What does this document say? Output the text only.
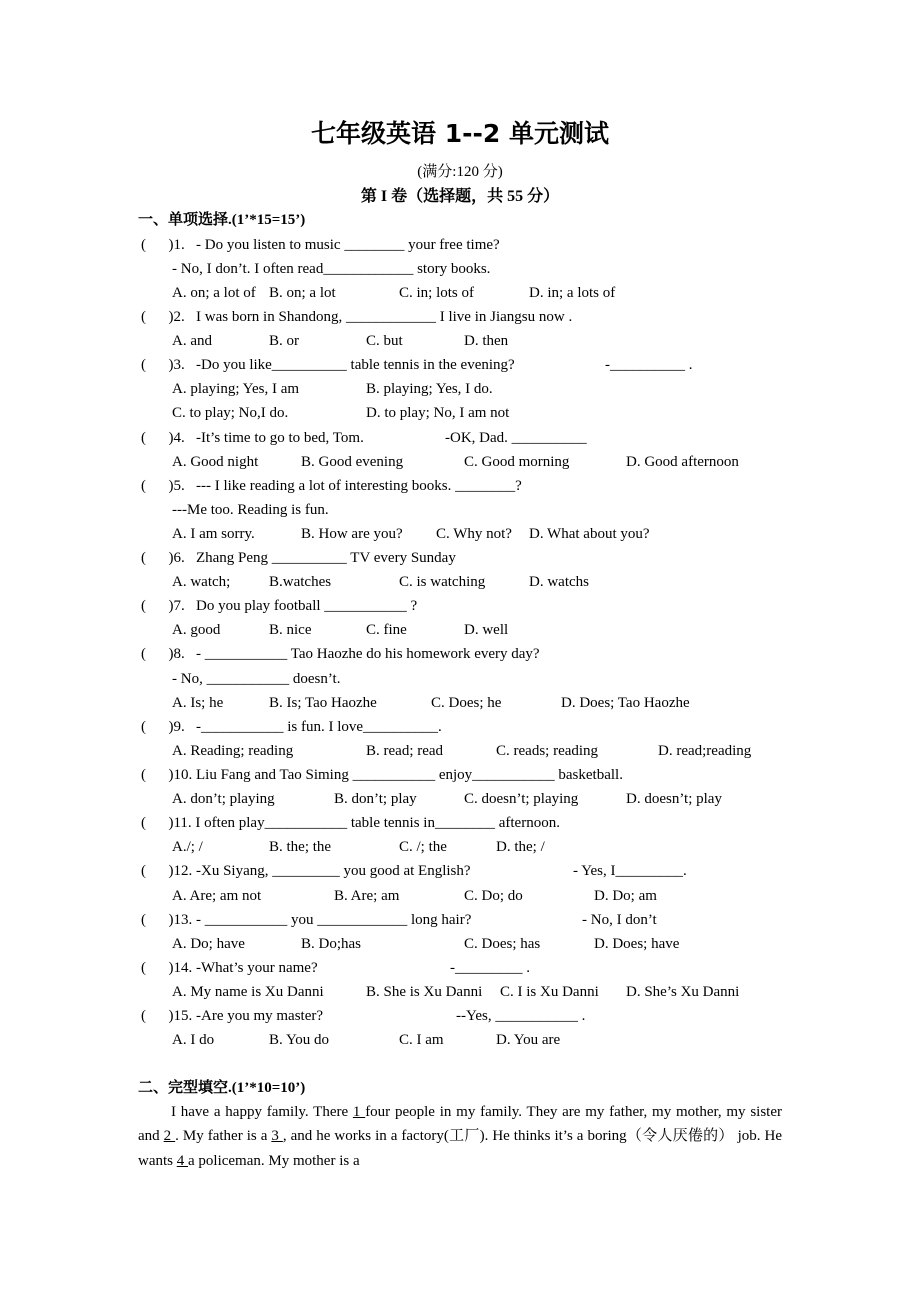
七年级英语 1--2 单元测试
(满分:120 分)
第 I 卷（选择题，共 55 分）
一、单项选择.(1’*15=15’)
(      )1.   - Do you listen to music ________ your free time?
- No, I don’t. I often read____________ story books.
A. on; a lot of B. on; a lot	C. in; lots of	D. in; a lots of
(      )2.   I was born in Shandong, ____________ I live in Jiangsu now .
A. and	B. or	C. but	D. then
(      )3.   -Do you like__________ table tennis in the evening?	-__________ .
A. playing; Yes, I am	B. playing; Yes, I do.
C. to play; No,I do.	D. to play; No, I am not
(      )4.   -It’s time to go to bed, Tom.	-OK, Dad. __________
A. Good night	B. Good evening	C. Good morning	D. Good afternoon
(      )5.   --- I like reading a lot of interesting books. ________?
---Me too. Reading is fun.
A. I am sorry.	B. How are you? C. Why not? D. What about you?
(      )6.   Zhang Peng __________ TV every Sunday
A. watch;	B.watches	C. is watching	D. watchs
(      )7.   Do you play football ___________ ?
A. good	B. nice	C. fine	D. well
(      )8.   - ___________ Tao Haozhe do his homework every day?
- No, ___________ doesn’t.
A. Is; he	B. Is; Tao Haozhe	C. Does; he	D. Does; Tao Haozhe
(      )9.   -___________ is fun. I love__________.
A. Reading; reading	B. read; read	C. reads; reading	D. read;reading
(      )10. Liu Fang and Tao Siming ___________ enjoy___________ basketball.
A. don’t; playing	B. don’t; play	C. doesn’t; playing	D. doesn’t; play
(      )11. I often play___________ table tennis in________ afternoon.
A./; /	B. the; the	C. /; the	D. the; /
(      )12. -Xu Siyang, _________ you good at English?	- Yes, I_________.
A. Are; am not	B. Are; am	C. Do; do	D. Do; am
(      )13. - ___________ you ____________ long hair?	- No, I don’t
A. Do; have	B. Do;has	C. Does; has	D. Does; have
(      )14. -What’s your name?	-_________ .
A. My name is Xu Danni	B. She is Xu Danni C. I is Xu Danni D. She’s Xu Danni
(      )15. -Are you my master?	--Yes, ___________ .
A. I do	B. You do	C. I am	D. You are
二、完型填空.(1’*10=10’)
I have a happy family. There 1 four people in my family. They are my father, my mother, my sister and 2 . My father is a 3 , and he works in a factory(工厂). He thinks it’s a boring（令人厌倦的） job. He wants 4 a policeman. My mother is a
